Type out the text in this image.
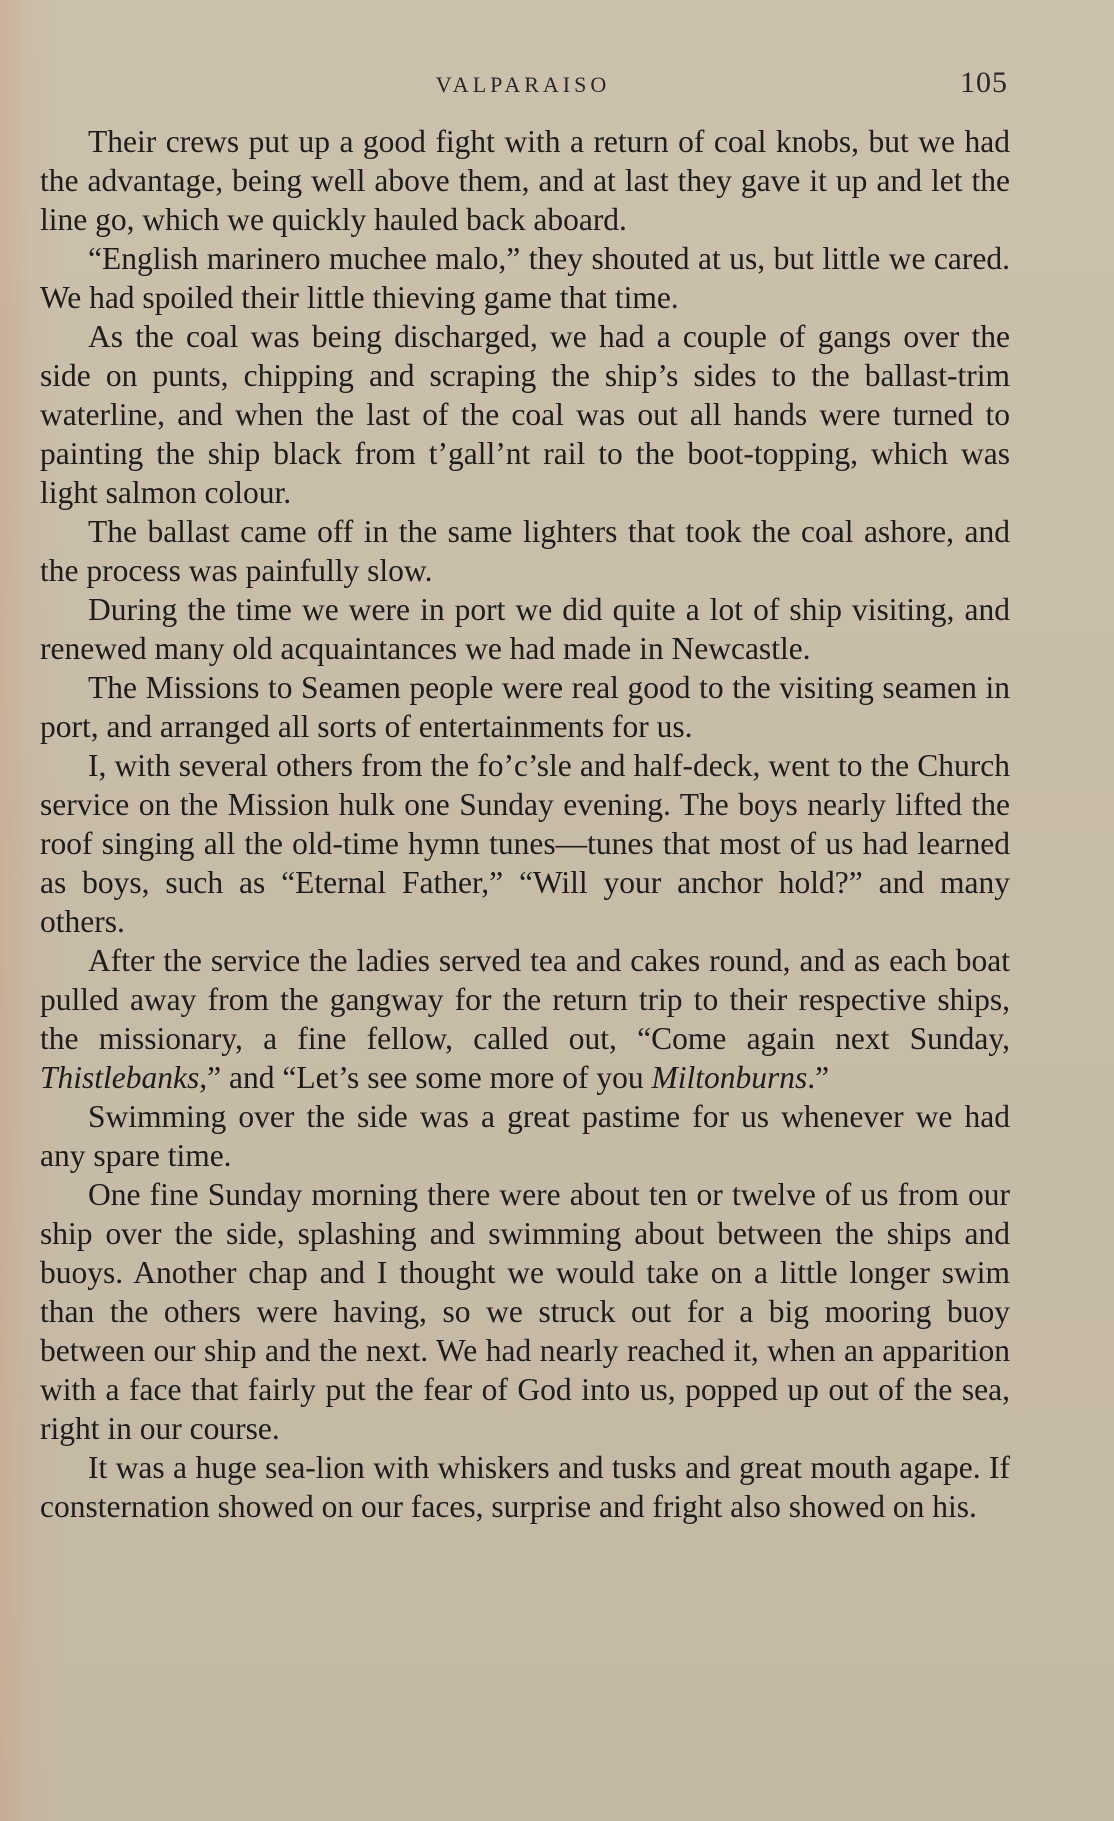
VALPARAISO	105

Their crews put up a good fight with a return of coal knobs, but we had the advantage, being well above them, and at last they gave it up and let the line go, which we quickly hauled back aboard.

“English marinero muchee malo,” they shouted at us, but little we cared. We had spoiled their little thieving game that time.

As the coal was being discharged, we had a couple of gangs over the side on punts, chipping and scraping the ship’s sides to the ballast-trim waterline, and when the last of the coal was out all hands were turned to painting the ship black from t’gall’nt rail to the boot-topping, which was light salmon colour.

The ballast came off in the same lighters that took the coal ashore, and the process was painfully slow.

During the time we were in port we did quite a lot of ship visiting, and renewed many old acquaintances we had made in Newcastle.

The Missions to Seamen people were real good to the visiting seamen in port, and arranged all sorts of entertainments for us.

I, with several others from the fo’c’sle and half-deck, went to the Church service on the Mission hulk one Sunday evening. The boys nearly lifted the roof singing all the old-time hymn tunes—tunes that most of us had learned as boys, such as “Eternal Father,” “Will your anchor hold?” and many others.

After the service the ladies served tea and cakes round, and as each boat pulled away from the gangway for the return trip to their respective ships, the missionary, a fine fellow, called out, “Come again next Sunday, Thistlebanks,” and “Let’s see some more of you Miltonburns.”

Swimming over the side was a great pastime for us whenever we had any spare time.

One fine Sunday morning there were about ten or twelve of us from our ship over the side, splashing and swimming about between the ships and buoys. Another chap and I thought we would take on a little longer swim than the others were having, so we struck out for a big mooring buoy between our ship and the next. We had nearly reached it, when an apparition with a face that fairly put the fear of God into us, popped up out of the sea, right in our course.

It was a huge sea-lion with whiskers and tusks and great mouth agape. If consternation showed on our faces, surprise and fright also showed on his.
